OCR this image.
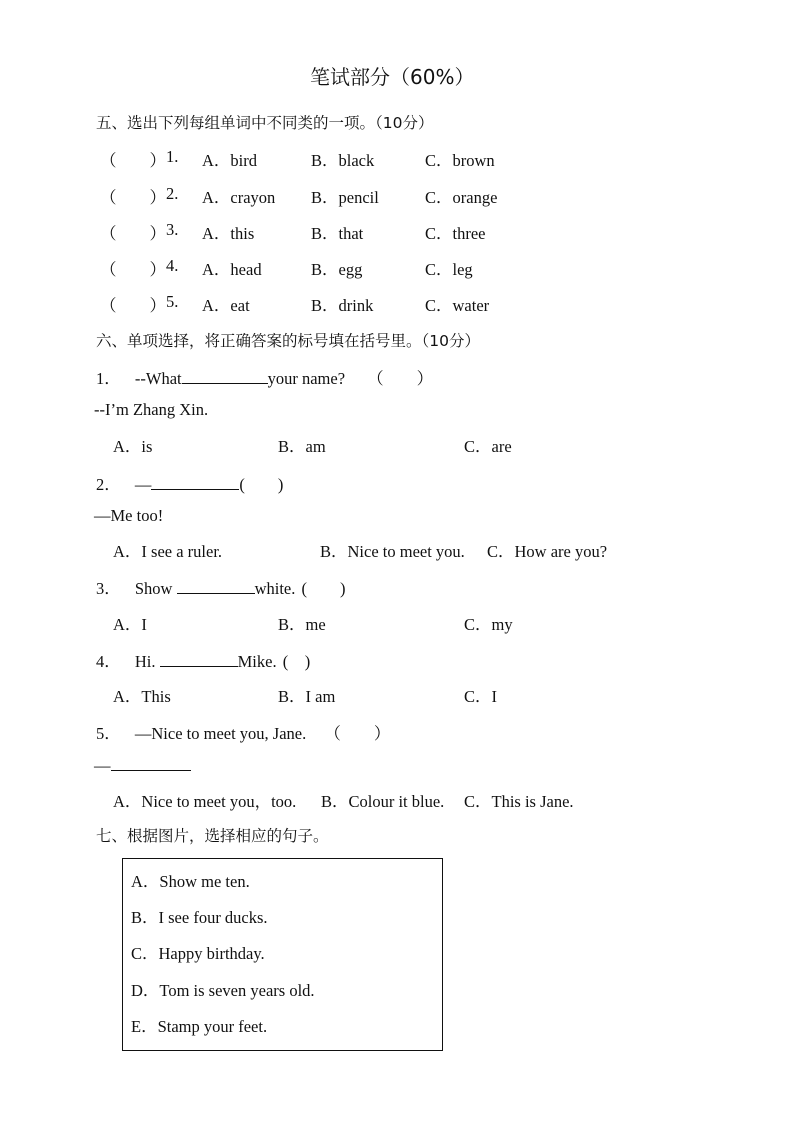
笔试部分（60%）
五、选出下列每组单词中不同类的一项。（10分）
（　　） 1. A．bird	B．black	C．brown
（　　） 2. A．crayon B．pencil	C．orange
（　　） 3. A．this	B．that	C．three
（　　） 4. A．head	B．egg	C．leg
（　　） 5. A．eat	B．drink	C．water
六、单项选择，将正确答案的标号填在括号里。（10分）
1． --What	your name? （　　）
--I’m Zhang Xin.
A．is	B．am	C．are
2． —	(　　)
—Me too!
A．I see a ruler.	B．Nice to meet you. C．How are you?
3． Show	white. (　　)
A．I	B．me	C．my
4． Hi.	Mike. (　)
A．This	B．I am	C．I
5． —Nice to meet you, Jane. （　　）
—
A．Nice to meet you，too. B．Colour it blue. C．This is Jane.
七、根据图片，选择相应的句子。
A．Show me ten.
B．I see four ducks.
C．Happy birthday.
D．Tom is seven years old.
E．Stamp your feet.
